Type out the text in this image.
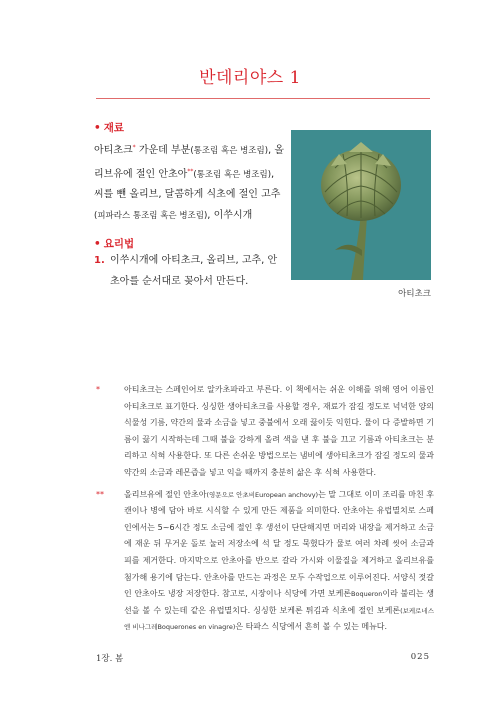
반데리야스 1
• 재료
아티초크* 가운데 부분(통조림 혹은 병조림), 올리브유에 절인 안초아**(통조림 혹은 병조림), 씨를 뺀 올리브, 달콤하게 식초에 절인 고추(피파라스 통조림 혹은 병조림), 이쑤시개
• 요리법
1. 이쑤시개에 아티초크, 올리브, 고추, 안초아를 순서대로 꽂아서 만든다.
아티초크
*	아티초크는 스페인어로 알카초파라고 부른다. 이 책에서는 쉬운 이해를 위해 영어 이름인 아티초크로 표기한다. 싱싱한 생아티초크를 사용할 경우, 재료가 잠길 정도로 넉넉한 양의 식물성 기름, 약간의 물과 소금을 넣고 중불에서 오래 끓이듯 익힌다. 물이 다 증발하면 기름이 끓기 시작하는데 그때 불을 강하게 올려 색을 낸 후 불을 끄고 기름과 아티초크는 분리하고 식혀 사용한다. 또 다른 손쉬운 방법으로는 냄비에 생아티초크가 잠길 정도의 물과 약간의 소금과 레몬즙을 넣고 익을 때까지 충분히 삶은 후 식혀 사용한다.
**	올리브유에 절인 안초아(영문으로 안초비European anchovy)는 말 그대로 이미 조리를 마친 후 캔이나 병에 담아 바로 시식할 수 있게 만든 제품을 의미한다. 안초아는 유럽멸치로 스페인에서는 5~6시간 정도 소금에 절인 후 생선이 단단해지면 머리와 내장을 제거하고 소금에 재운 뒤 무거운 돌로 눌러 저장소에 석 달 정도 묵혔다가 물로 여러 차례 씻어 소금과 피를 제거한다. 마지막으로 안초아를 반으로 갈라 가시와 이물질을 제거하고 올리브유를 첨가해 용기에 담는다. 안초아를 만드는 과정은 모두 수작업으로 이루어진다. 서양식 젓갈인 안초아도 냉장 저장한다. 참고로, 시장이나 식당에 가면 보케론Boqueron이라 불리는 생선을 볼 수 있는데 같은 유럽멸치다. 싱싱한 보케론 튀김과 식초에 절인 보케론(보케로네스 엔 비나그레Boquerones en vinagre)은 타파스 식당에서 흔히 볼 수 있는 메뉴다.
1장. 봄	025
